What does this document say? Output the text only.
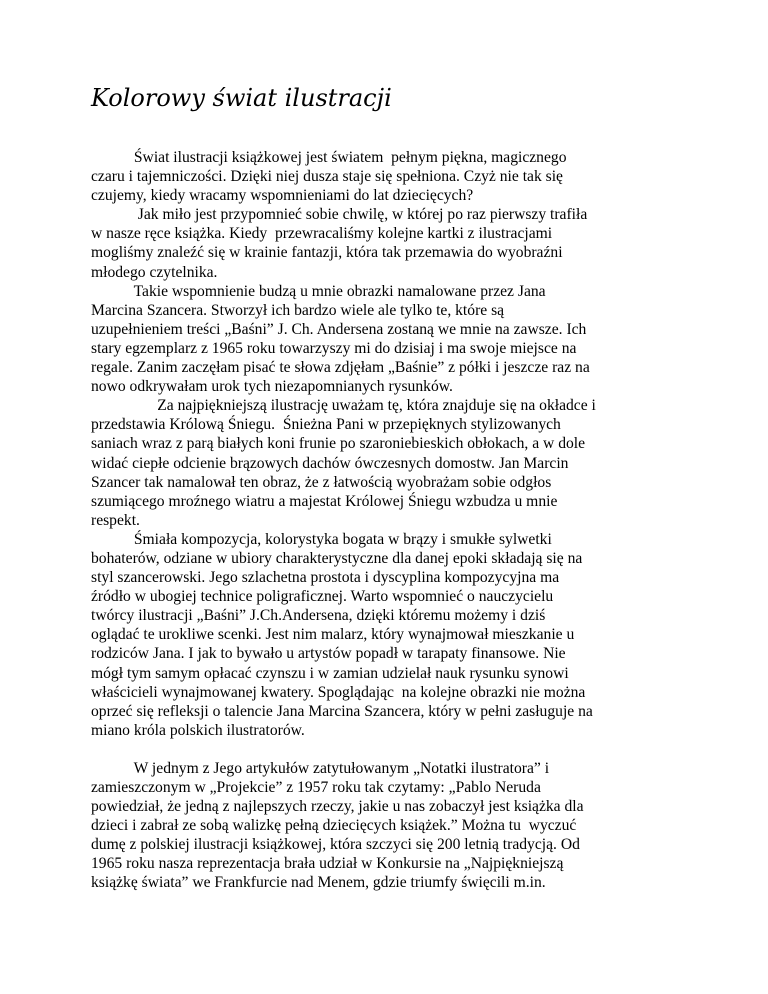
Kolorowy świat ilustracji
Świat ilustracji książkowej jest światem  pełnym piękna, magicznego
czaru i tajemniczości. Dzięki niej dusza staje się spełniona. Czyż nie tak się
czujemy, kiedy wracamy wspomnieniami do lat dziecięcych?
Jak miło jest przypomnieć sobie chwilę, w której po raz pierwszy trafiła
w nasze ręce książka. Kiedy  przewracaliśmy kolejne kartki z ilustracjami
mogliśmy znaleźć się w krainie fantazji, która tak przemawia do wyobraźni
młodego czytelnika.
Takie wspomnienie budzą u mnie obrazki namalowane przez Jana
Marcina Szancera. Stworzył ich bardzo wiele ale tylko te, które są
uzupełnieniem treści „Baśni” J. Ch. Andersena zostaną we mnie na zawsze. Ich
stary egzemplarz z 1965 roku towarzyszy mi do dzisiaj i ma swoje miejsce na
regale. Zanim zaczęłam pisać te słowa zdjęłam „Baśnie” z półki i jeszcze raz na
nowo odkrywałam urok tych niezapomnianych rysunków.
Za najpiękniejszą ilustrację uważam tę, która znajduje się na okładce i
przedstawia Królową Śniegu.  Śnieżna Pani w przepięknych stylizowanych
saniach wraz z parą białych koni frunie po szaroniebieskich obłokach, a w dole
widać ciepłe odcienie brązowych dachów ówczesnych domostw. Jan Marcin
Szancer tak namalował ten obraz, że z łatwością wyobrażam sobie odgłos
szumiącego mroźnego wiatru a majestat Królowej Śniegu wzbudza u mnie
respekt.
Śmiała kompozycja, kolorystyka bogata w brązy i smukłe sylwetki
bohaterów, odziane w ubiory charakterystyczne dla danej epoki składają się na
styl szancerowski. Jego szlachetna prostota i dyscyplina kompozycyjna ma
źródło w ubogiej technice poligraficznej. Warto wspomnieć o nauczycielu
twórcy ilustracji „Baśni” J.Ch.Andersena, dzięki któremu możemy i dziś
oglądać te urokliwe scenki. Jest nim malarz, który wynajmował mieszkanie u
rodziców Jana. I jak to bywało u artystów popadł w tarapaty finansowe. Nie
mógł tym samym opłacać czynszu i w zamian udzielał nauk rysunku synowi
właścicieli wynajmowanej kwatery. Spoglądając  na kolejne obrazki nie można
oprzeć się refleksji o talencie Jana Marcina Szancera, który w pełni zasługuje na
miano króla polskich ilustratorów.
W jednym z Jego artykułów zatytułowanym „Notatki ilustratora” i
zamieszczonym w „Projekcie” z 1957 roku tak czytamy: „Pablo Neruda
powiedział, że jedną z najlepszych rzeczy, jakie u nas zobaczył jest książka dla
dzieci i zabrał ze sobą walizkę pełną dziecięcych książek.” Można tu  wyczuć
dumę z polskiej ilustracji książkowej, która szczyci się 200 letnią tradycją. Od
1965 roku nasza reprezentacja brała udział w Konkursie na „Najpiękniejszą
książkę świata” we Frankfurcie nad Menem, gdzie triumfy święcili m.in.
